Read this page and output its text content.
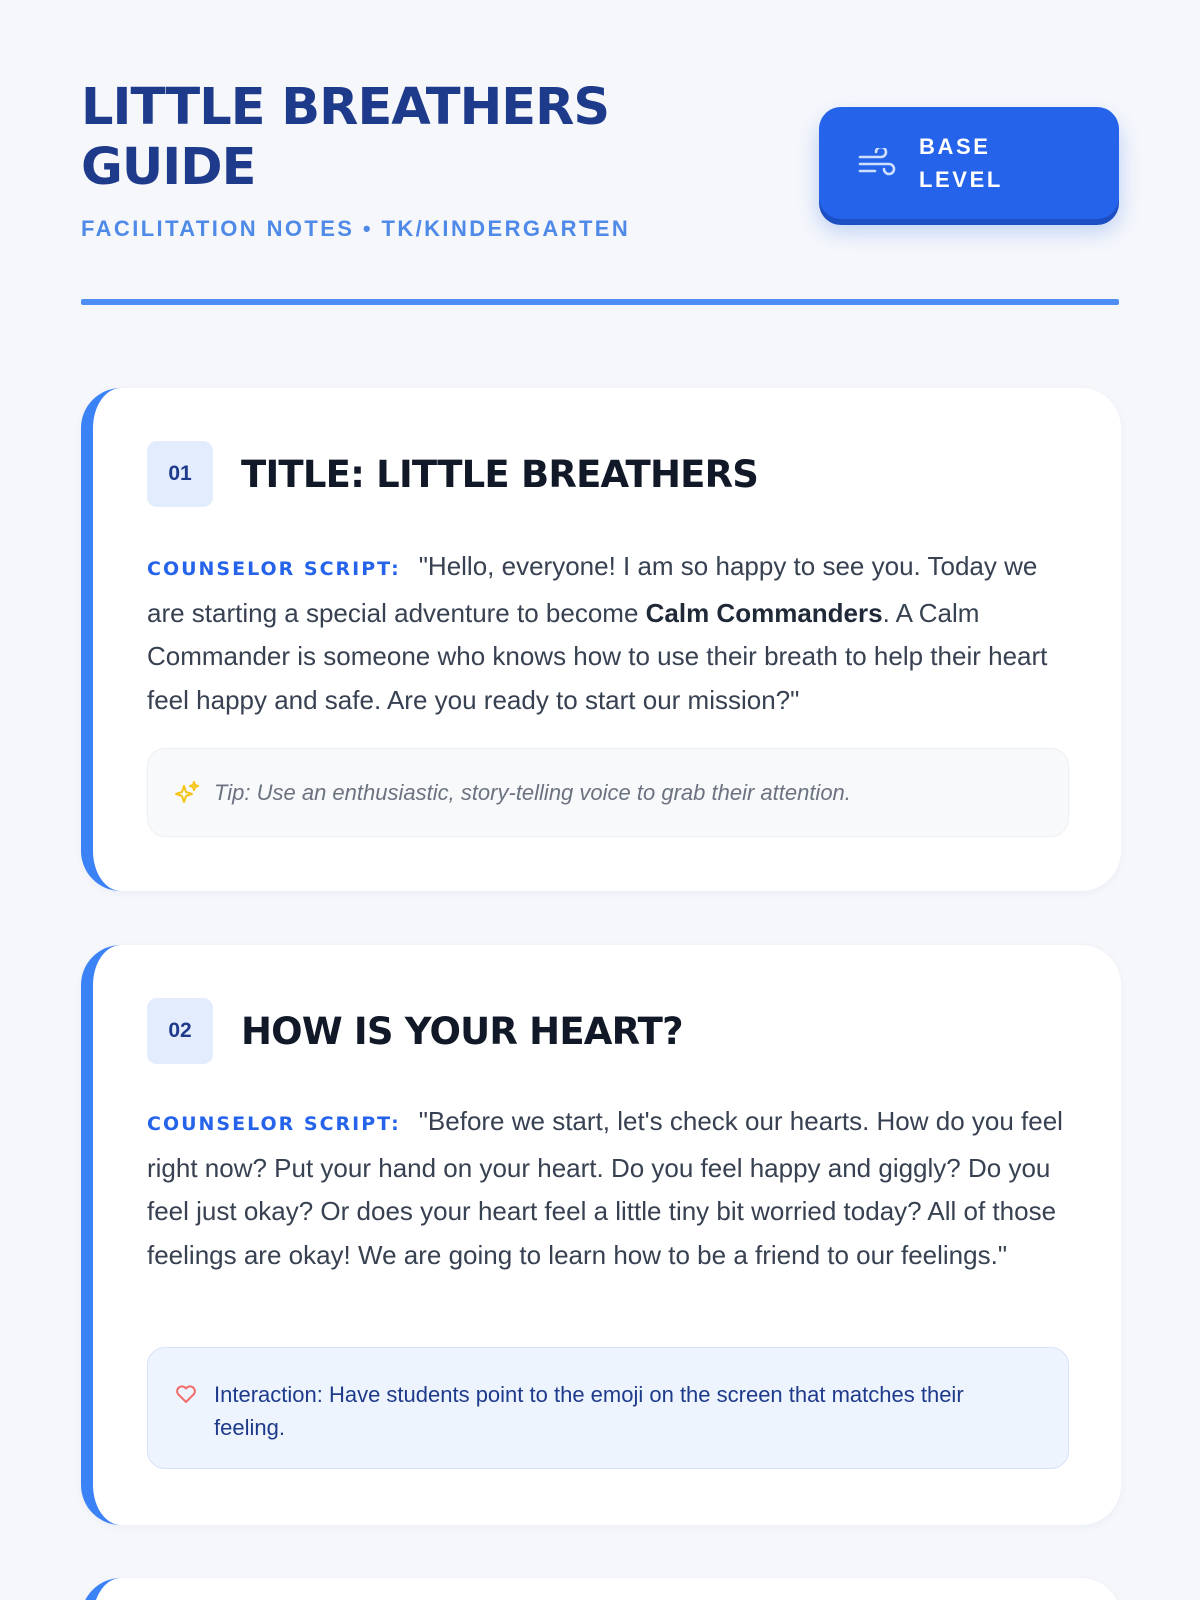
LITTLE BREATHERS GUIDE
FACILITATION NOTES • TK/KINDERGARTEN
BASE LEVEL
01	TITLE: LITTLE BREATHERS

COUNSELOR SCRIPT: "Hello, everyone! I am so happy to see you. Today we are starting a special adventure to become Calm Commanders. A Calm Commander is someone who knows how to use their breath to help their heart feel happy and safe. Are you ready to start our mission?"

Tip: Use an enthusiastic, story-telling voice to grab their attention.
02	HOW IS YOUR HEART?

COUNSELOR SCRIPT: "Before we start, let's check our hearts. How do you feel right now? Put your hand on your heart. Do you feel happy and giggly? Do you feel just okay? Or does your heart feel a little tiny bit worried today? All of those feelings are okay! We are going to learn how to be a friend to our feelings."

Interaction: Have students point to the emoji on the screen that matches their feeling.
